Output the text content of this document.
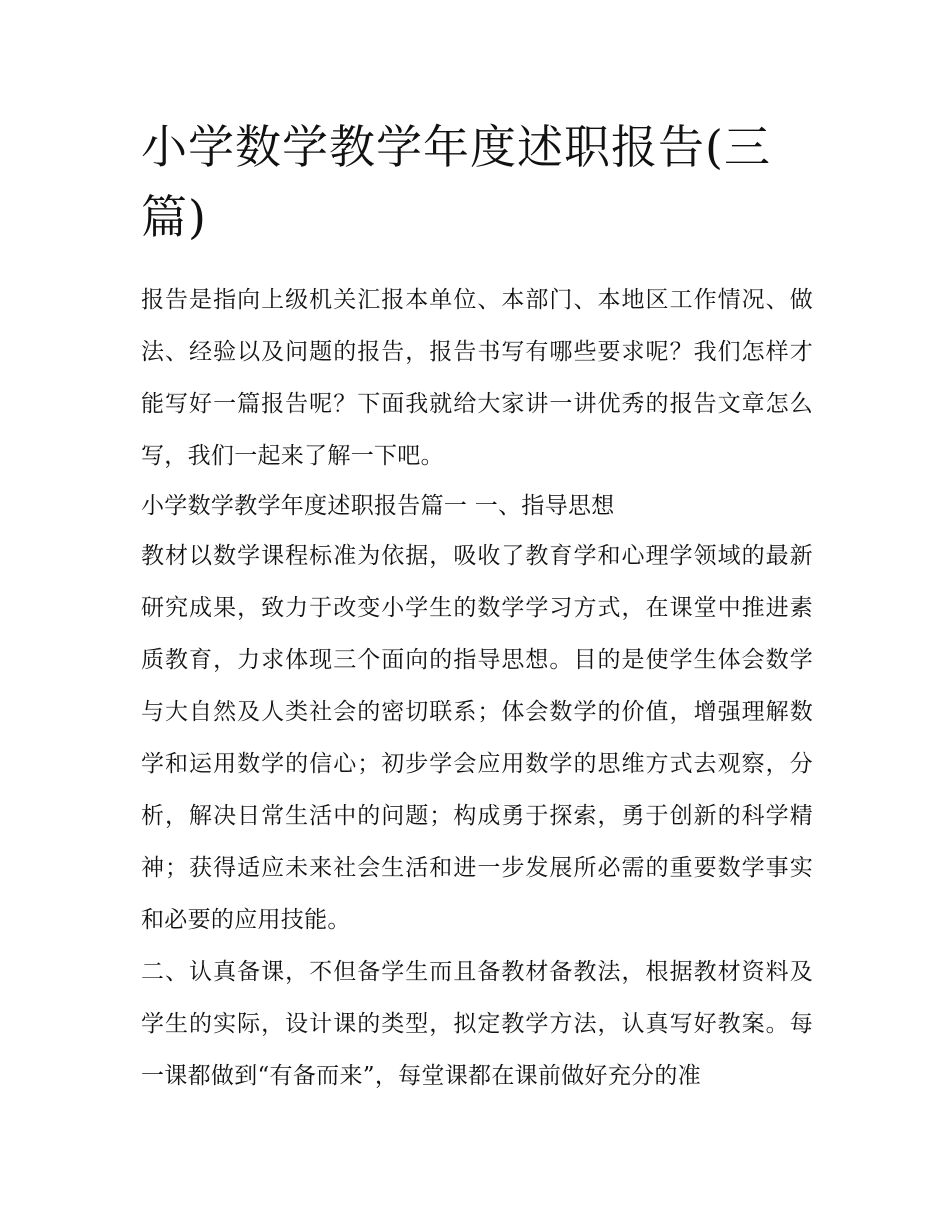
小学数学教学年度述职报告(三篇)

报告是指向上级机关汇报本单位、本部门、本地区工作情况、做法、经验以及问题的报告，报告书写有哪些要求呢？我们怎样才能写好一篇报告呢？下面我就给大家讲一讲优秀的报告文章怎么写，我们一起来了解一下吧。

小学数学教学年度述职报告篇一 一、指导思想

教材以数学课程标准为依据，吸收了教育学和心理学领域的最新研究成果，致力于改变小学生的数学学习方式，在课堂中推进素质教育，力求体现三个面向的指导思想。目的是使学生体会数学与大自然及人类社会的密切联系；体会数学的价值，增强理解数学和运用数学的信心；初步学会应用数学的思维方式去观察，分析，解决日常生活中的问题；构成勇于探索，勇于创新的科学精神；获得适应未来社会生活和进一步发展所必需的重要数学事实和必要的应用技能。

二、认真备课，不但备学生而且备教材备教法，根据教材资料及学生的实际，设计课的类型，拟定教学方法，认真写好教案。每一课都做到“有备而来”，每堂课都在课前做好充分的准
